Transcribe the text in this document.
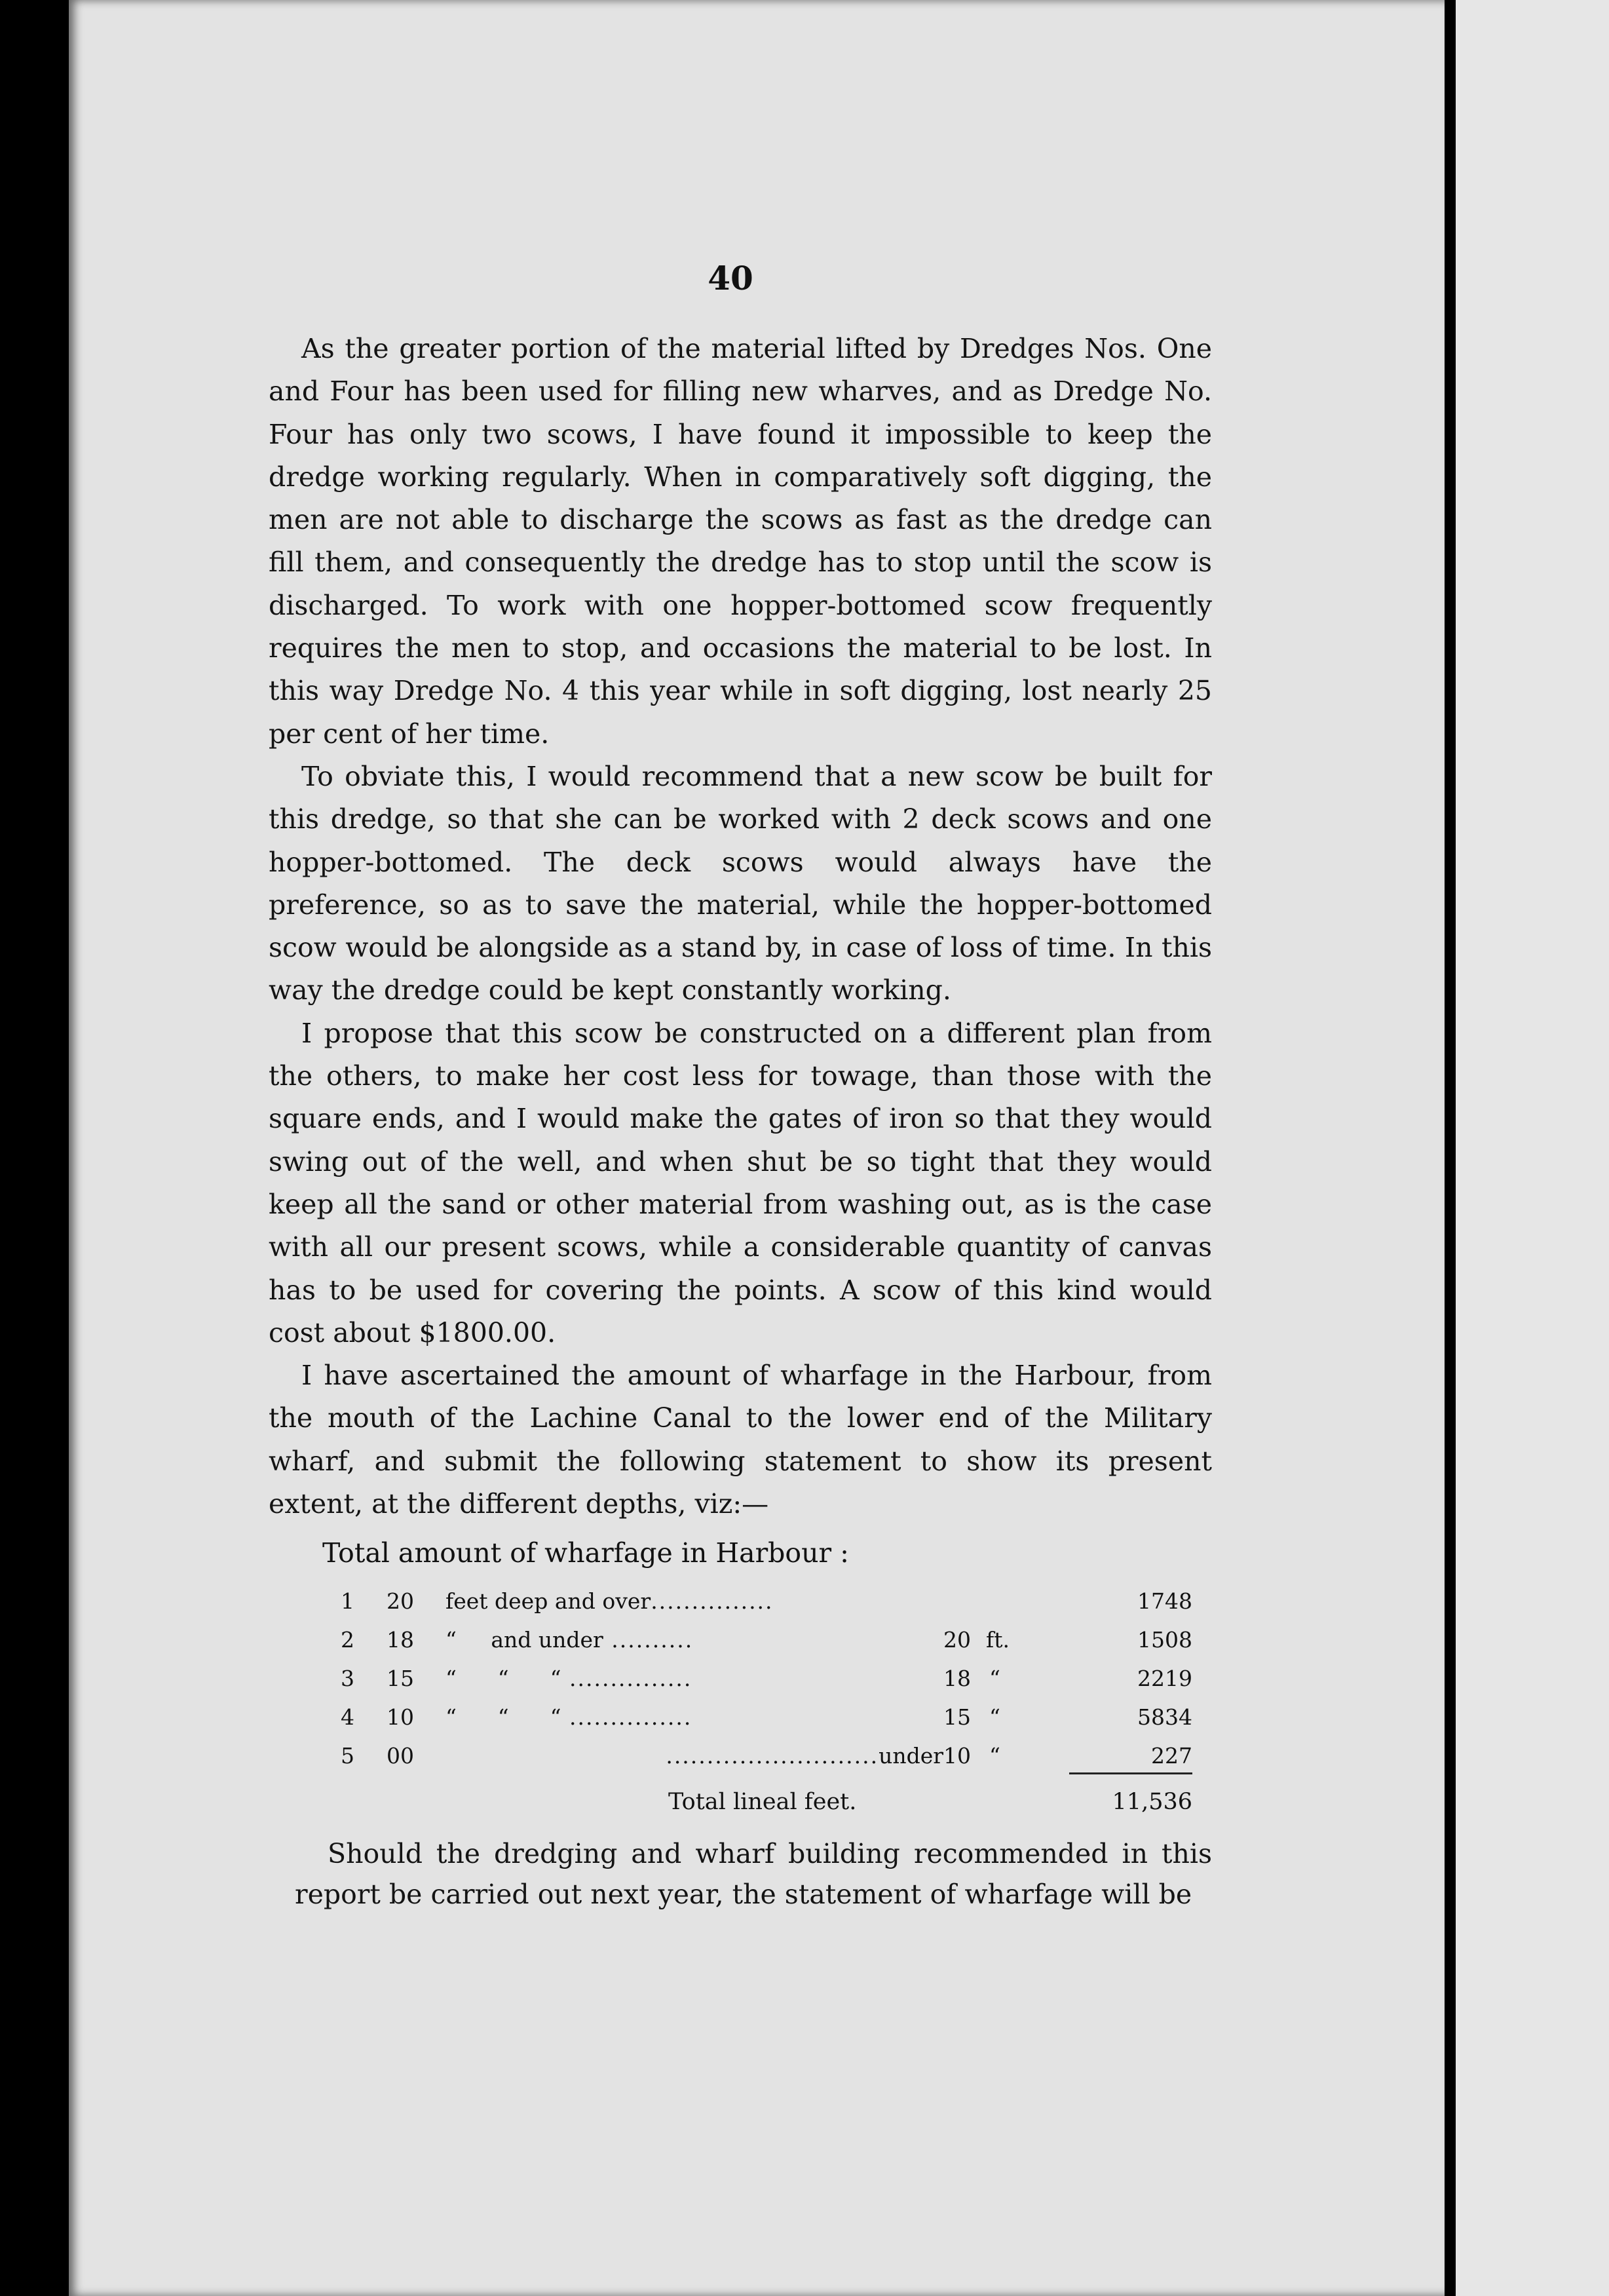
40

As the greater portion of the material lifted by Dredges Nos. One and Four has been used for filling new wharves, and as Dredge No. Four has only two scows, I have found it impossible to keep the dredge working regularly. When in comparatively soft digging, the men are not able to discharge the scows as fast as the dredge can fill them, and consequently the dredge has to stop until the scow is discharged. To work with one hopper-bottomed scow frequently requires the men to stop, and occasions the material to be lost. In this way Dredge No. 4 this year while in soft digging, lost nearly 25 per cent of her time.

To obviate this, I would recommend that a new scow be built for this dredge, so that she can be worked with 2 deck scows and one hopper-bottomed. The deck scows would always have the preference, so as to save the material, while the hopper-bottomed scow would be alongside as a stand by, in case of loss of time. In this way the dredge could be kept constantly working.

I propose that this scow be constructed on a different plan from the others, to make her cost less for towage, than those with the square ends, and I would make the gates of iron so that they would swing out of the well, and when shut be so tight that they would keep all the sand or other material from washing out, as is the case with all our present scows, while a considerable quantity of canvas has to be used for covering the points. A scow of this kind would cost about $1800.00.

I have ascertained the amount of wharfage in the Harbour, from the mouth of the Lachine Canal to the lower end of the Military wharf, and submit the following statement to show its present extent, at the different depths, viz:—

Total amount of wharfage in Harbour :
1 20 feet deep and over...............	1748
2 18 “     and under ..........	20 ft.	1508
3 15 “      “      “ ...............	18 “	2219
4 10 “      “      “ ...............	15 “	5834
5 00	..........................under 10 “	227
Total lineal feet.	11,536

Should the dredging and wharf building recommended in this report be carried out next year, the statement of wharfage will be
